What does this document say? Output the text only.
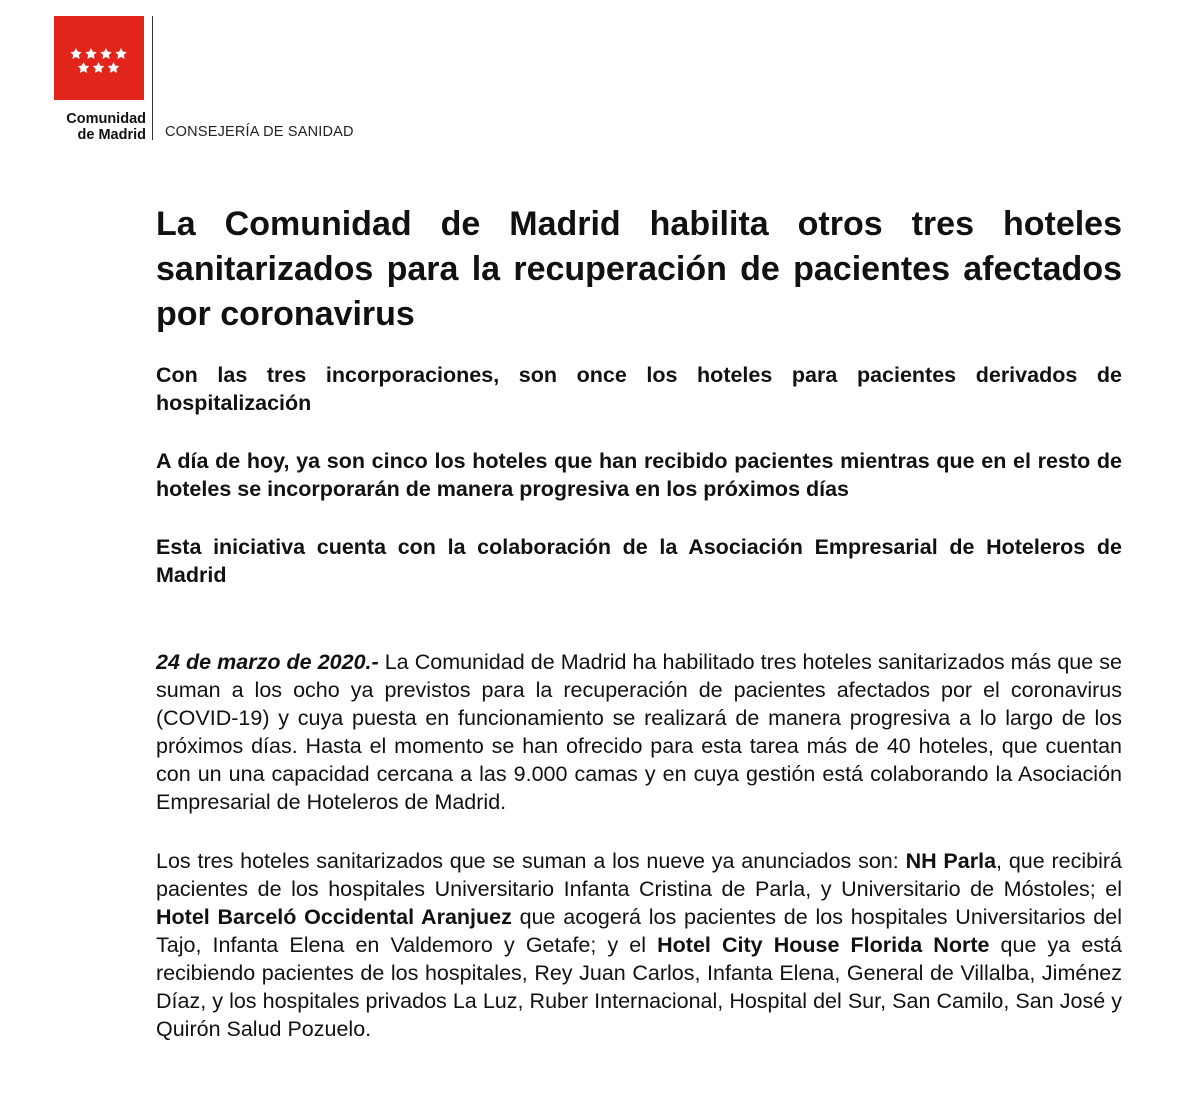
Comunidad
de Madrid CONSEJERÍA DE SANIDAD
La Comunidad de Madrid habilita otros tres hoteles sanitarizados para la recuperación de pacientes afectados por coronavirus

Con las tres incorporaciones, son once los hoteles para pacientes derivados de hospitalización

A día de hoy, ya son cinco los hoteles que han recibido pacientes mientras que en el resto de hoteles se incorporarán de manera progresiva en los próximos días

Esta iniciativa cuenta con la colaboración de la Asociación Empresarial de Hoteleros de Madrid

24 de marzo de 2020.- La Comunidad de Madrid ha habilitado tres hoteles sanitarizados más que se suman a los ocho ya previstos para la recuperación de pacientes afectados por el coronavirus (COVID-19) y cuya puesta en funcionamiento se realizará de manera progresiva a lo largo de los próximos días. Hasta el momento se han ofrecido para esta tarea más de 40 hoteles, que cuentan con un una capacidad cercana a las 9.000 camas y en cuya gestión está colaborando la Asociación Empresarial de Hoteleros de Madrid.

Los tres hoteles sanitarizados que se suman a los nueve ya anunciados son: NH Parla, que recibirá pacientes de los hospitales Universitario Infanta Cristina de Parla, y Universitario de Móstoles; el Hotel Barceló Occidental Aranjuez que acogerá los pacientes de los hospitales Universitarios del Tajo, Infanta Elena en Valdemoro y Getafe; y el Hotel City House Florida Norte que ya está recibiendo pacientes de los hospitales, Rey Juan Carlos, Infanta Elena, General de Villalba, Jiménez Díaz, y los hospitales privados La Luz, Ruber Internacional, Hospital del Sur, San Camilo, San José y Quirón Salud Pozuelo.
